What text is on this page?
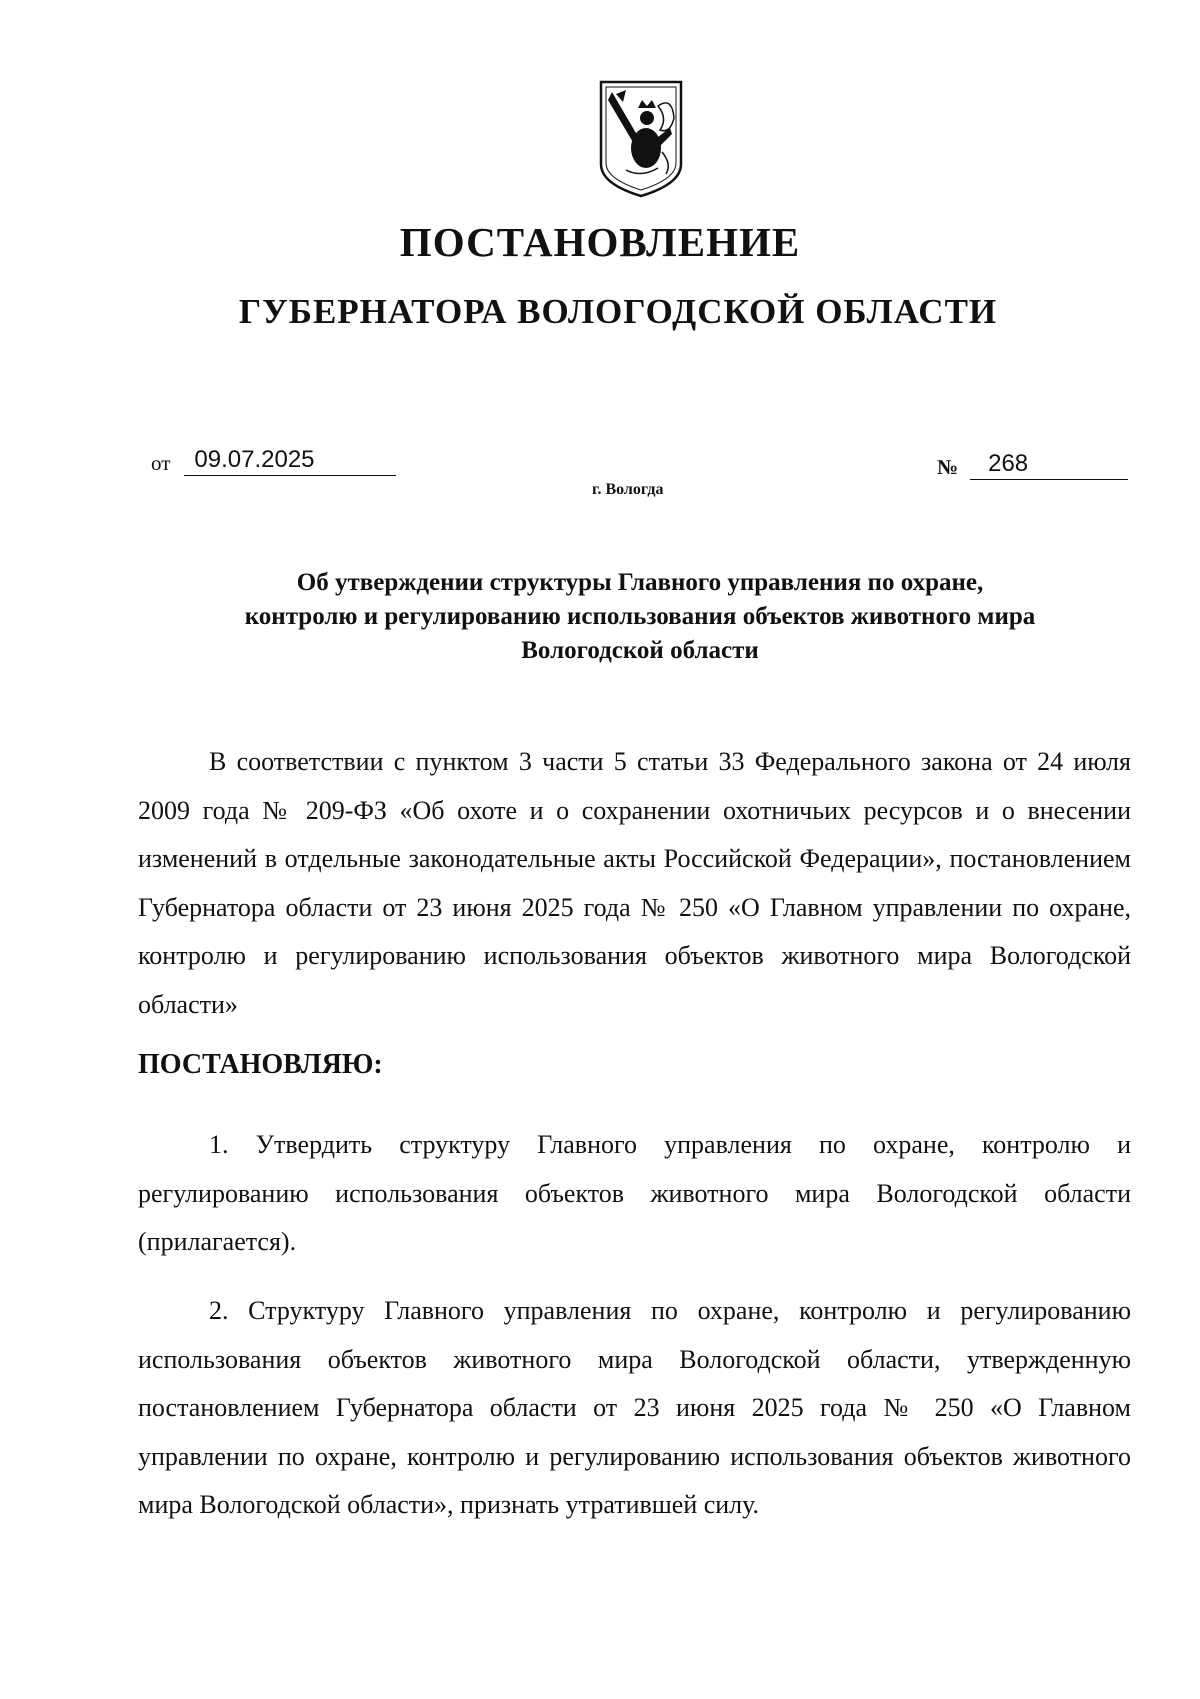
ПОСТАНОВЛЕНИЕ
ГУБЕРНАТОРА ВОЛОГОДСКОЙ ОБЛАСТИ
от	09.07.2025	№	268
г. Вологда
Об утверждении структуры Главного управления по охране,
контролю и регулированию использования объектов животного мира
Вологодской области
В соответствии с пунктом 3 части 5 статьи 33 Федерального закона от 24 июля 2009 года № 209-ФЗ «Об охоте и о сохранении охотничьих ресурсов и о внесении изменений в отдельные законодательные акты Российской Федерации», постановлением Губернатора области от 23 июня 2025 года № 250 «О Главном управлении по охране, контролю и регулированию использования объектов животного мира Вологодской области»
ПОСТАНОВЛЯЮ:
1. Утвердить структуру Главного управления по охране, контролю и регулированию использования объектов животного мира Вологодской области (прилагается).
2. Структуру Главного управления по охране, контролю и регулированию использования объектов животного мира Вологодской области, утвержденную постановлением Губернатора области от 23 июня 2025 года № 250 «О Главном управлении по охране, контролю и регулированию использования объектов животного мира Вологодской области», признать утратившей силу.
